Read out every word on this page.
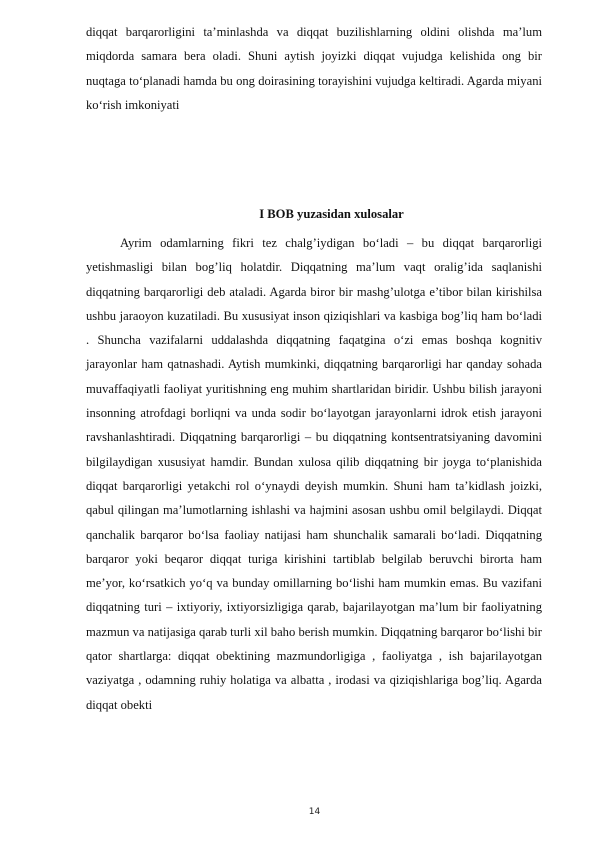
diqqat barqarorligini ta’minlashda va diqqat buzilishlarning oldini olishda ma’lum miqdorda samara bera oladi. Shuni aytish joyizki diqqat vujudga kelishida ong bir nuqtaga to‘planadi hamda bu ong doirasining torayishini vujudga keltiradi. Agarda miyani ko‘rish imkoniyati

I BOB yuzasidan xulosalar

Ayrim odamlarning fikri tez chalg’iydigan bo‘ladi – bu diqqat barqarorligi yetishmasligi bilan bog’liq holatdir. Diqqatning ma’lum vaqt oralig’ida saqlanishi diqqatning barqarorligi deb ataladi. Agarda biror bir mashg’ulotga e’tibor bilan kirishilsa ushbu jaraoyon kuzatiladi. Bu xususiyat inson qiziqishlari va kasbiga bog’liq ham bo‘ladi . Shuncha vazifalarni uddalashda diqqatning faqatgina o‘zi emas boshqa kognitiv jarayonlar ham qatnashadi. Aytish mumkinki, diqqatning barqarorligi har qanday sohada muvaffaqiyatli faoliyat yuritishning eng muhim shartlaridan biridir. Ushbu bilish jarayoni insonning atrofdagi borliqni va unda sodir bo‘layotgan jarayonlarni idrok etish jarayoni ravshanlashtiradi. Diqqatning barqarorligi – bu diqqatning kontsentratsiyaning davomini bilgilaydigan xususiyat hamdir. Bundan xulosa qilib diqqatning bir joyga to‘planishida diqqat barqarorligi yetakchi rol o‘ynaydi deyish mumkin. Shuni ham ta’kidlash joizki, qabul qilingan ma’lumotlarning ishlashi va hajmini asosan ushbu omil belgilaydi. Diqqat qanchalik barqaror bo‘lsa faoliay natijasi ham shunchalik samarali bo‘ladi. Diqqatning barqaror yoki beqaror diqqat turiga kirishini tartiblab belgilab beruvchi birorta ham me’yor, ko‘rsatkich yo‘q va bunday omillarning bo‘lishi ham mumkin emas. Bu vazifani diqqatning turi – ixtiyoriy, ixtiyorsizligiga qarab, bajarilayotgan ma’lum bir faoliyatning mazmun va natijasiga qarab turli xil baho berish mumkin. Diqqatning barqaror bo‘lishi bir qator shartlarga: diqqat obektining mazmundorligiga , faoliyatga , ish bajarilayotgan vaziyatga , odamning ruhiy holatiga va albatta , irodasi va qiziqishlariga bog’liq. Agarda diqqat obekti

14
